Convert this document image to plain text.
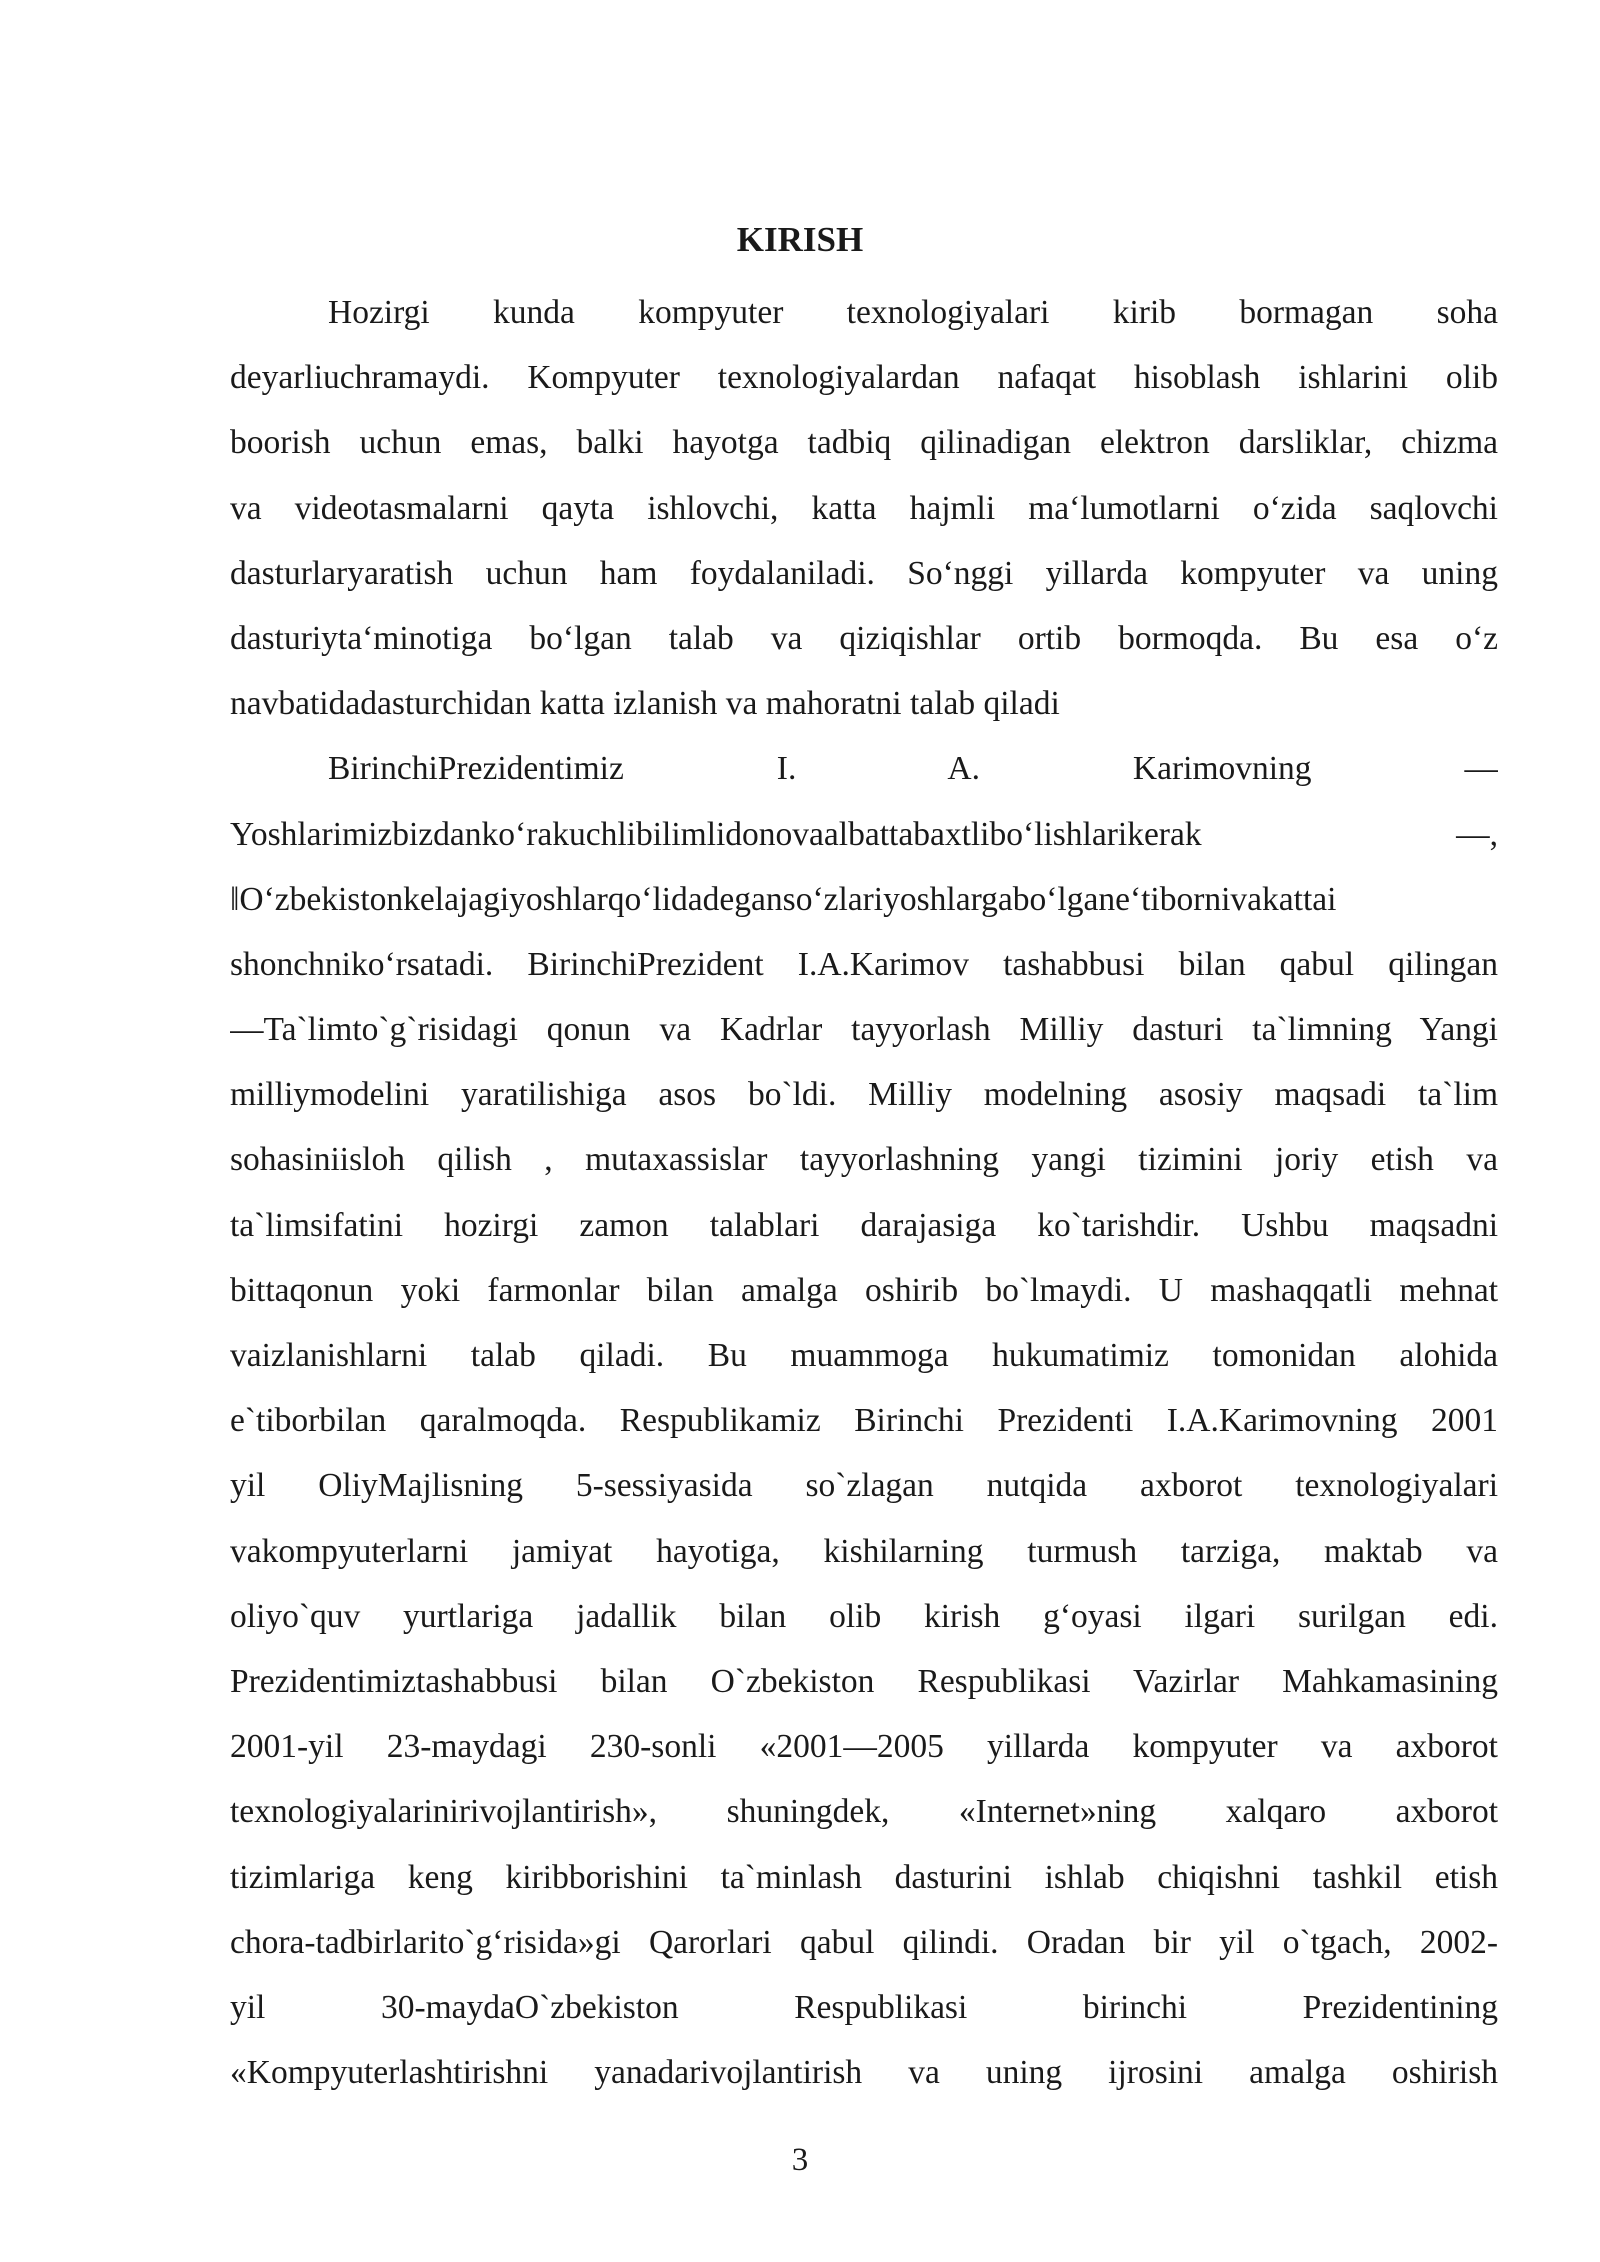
KIRISH
Hozirgi kunda kompyuter texnologiyalari kirib bormagan soha
deyarliuchramaydi. Kompyuter texnologiyalardan nafaqat hisoblash ishlarini olib
boorish uchun emas, balki hayotga tadbiq qilinadigan elektron darsliklar, chizma
va videotasmalarni qayta ishlovchi, katta hajmli maʻlumotlarni oʻzida saqlovchi
dasturlaryaratish uchun ham foydalaniladi. Soʻnggi yillarda kompyuter va uning
dasturiytaʻminotiga boʻlgan talab va qiziqishlar ortib bormoqda. Bu esa oʻz
navbatidadasturchidan katta izlanish va mahoratni talab qiladi
BirinchiPrezidentimiz I. A. Karimovning ―
Yoshlarimizbizdankoʻrakuchlibilimlidonovaalbattabaxtliboʻlishlarikerak ―,
‖Oʻzbekistonkelajagiyoshlarqoʻlidadegansoʻzlariyoshlargaboʻlganeʻtibornivakattai
shonchnikoʻrsatadi. BirinchiPrezident I.A.Karimov tashabbusi bilan qabul qilingan
―Ta`limto`g`risidagi qonun va Kadrlar tayyorlash Milliy dasturi ta`limning Yangi
milliymodelini yaratilishiga asos bo`ldi. Milliy modelning asosiy maqsadi ta`lim
sohasiniisloh qilish , mutaxassislar tayyorlashning yangi tizimini joriy etish va
ta`limsifatini hozirgi zamon talablari darajasiga ko`tarishdir. Ushbu maqsadni
bittaqonun yoki farmonlar bilan amalga oshirib bo`lmaydi. U mashaqqatli mehnat
vaizlanishlarni talab qiladi. Bu muammoga hukumatimiz tomonidan alohida
e`tiborbilan qaralmoqda. Respublikamiz Birinchi Prezidenti I.A.Karimovning 2001
yil OliyMajlisning 5-sessiyasida so`zlagan nutqida axborot texnologiyalari
vakompyuterlarni jamiyat hayotiga, kishilarning turmush tarziga, maktab va
oliyo`quv yurtlariga jadallik bilan olib kirish gʻoyasi ilgari surilgan edi.
Prezidentimiztashabbusi bilan O`zbekiston Respublikasi Vazirlar Mahkamasining
2001-yil 23-maydagi 230-sonli «2001—2005 yillarda kompyuter va axborot
texnologiyalarinirivojlantirish», shuningdek, «Internet»ning xalqaro axborot
tizimlariga keng kiribborishini ta`minlash dasturini ishlab chiqishni tashkil etish
chora-tadbirlarito`gʻrisida»gi Qarorlari qabul qilindi. Oradan bir yil o`tgach, 2002-
yil 30-maydaO`zbekiston Respublikasi birinchi Prezidentining
«Kompyuterlashtirishni yanadarivojlantirish va uning ijrosini amalga oshirish
3
